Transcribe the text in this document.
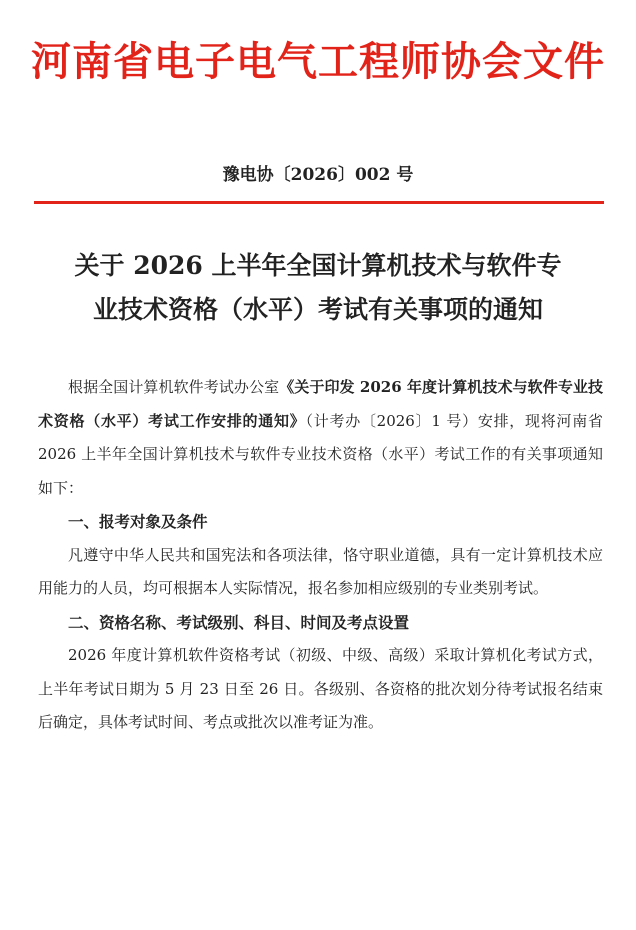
河南省电子电气工程师协会文件
豫电协〔2026〕002 号
关于 2026 上半年全国计算机技术与软件专
业技术资格（水平）考试有关事项的通知

根据全国计算机软件考试办公室《关于印发 2026 年度计算机技术与软件专业技术资格（水平）考试工作安排的通知》（计考办〔2026〕1 号）安排，现将河南省 2026 上半年全国计算机技术与软件专业技术资格（水平）考试工作的有关事项通知如下：

一、报考对象及条件

凡遵守中华人民共和国宪法和各项法律，恪守职业道德，具有一定计算机技术应用能力的人员，均可根据本人实际情况，报名参加相应级别的专业类别考试。

二、资格名称、考试级别、科目、时间及考点设置

2026 年度计算机软件资格考试（初级、中级、高级）采取计算机化考试方式，上半年考试日期为 5 月 23 日至 26 日。各级别、各资格的批次划分待考试报名结束后确定，具体考试时间、考点或批次以准考证为准。
